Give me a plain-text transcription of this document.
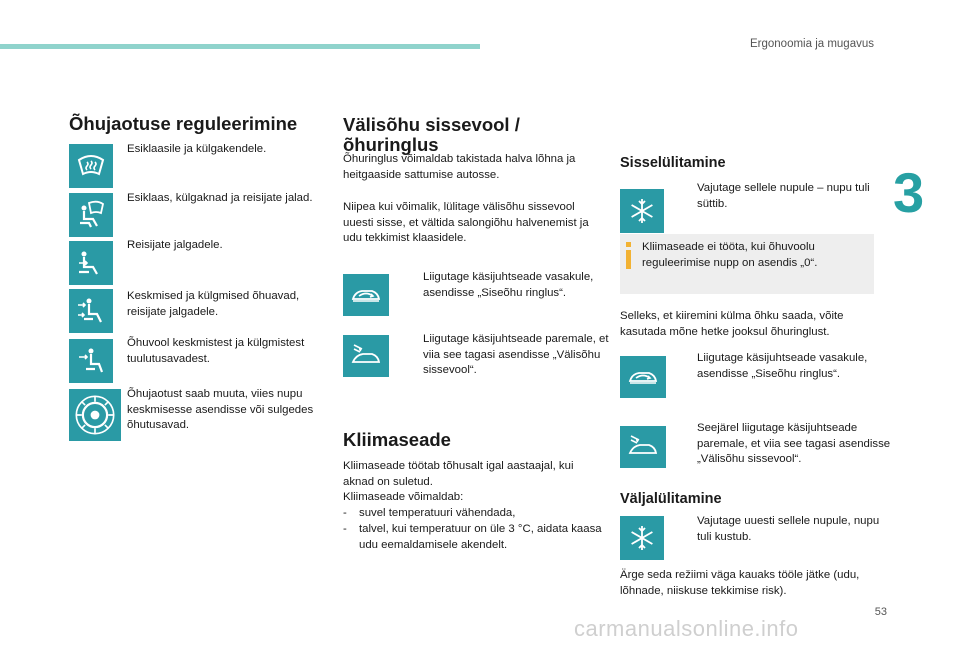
Ergonoomia ja mugavus
3
53
carmanualsonline.info
Õhujaotuse reguleerimine
Esiklaasile ja külgakendele.
Esiklaas, külgaknad ja reisijate jalad.
Reisijate jalgadele.
Keskmised ja külgmised õhuavad, reisijate jalgadele.
Õhuvool keskmistest ja külgmistest tuulutusavadest.
Õhujaotust saab muuta, viies nupu keskmisesse asendisse või sulgedes õhutusavad.
Välisõhu sissevool /
õhuringlus
Õhuringlus võimaldab takistada halva lõhna ja heitgaaside sattumise autosse.
Niipea kui võimalik, lülitage välisõhu sissevool uuesti sisse, et vältida salongiõhu halvenemist ja udu tekkimist klaasidele.
Liigutage käsijuhtseade vasakule, asendisse „Siseõhu ringlus“.
Liigutage käsijuhtseade paremale, et viia see tagasi asendisse „Välisõhu sissevool“.
Kliimaseade
Kliimaseade töötab tõhusalt igal aastaajal, kui aknad on suletud.
Kliimaseade võimaldab:
- suvel temperatuuri vähendada,
- talvel, kui temperatuur on üle 3 °C, aidata kaasa udu eemaldamisele akendelt.
Sisselülitamine
Vajutage sellele nupule – nupu tuli süttib.
Kliimaseade ei tööta, kui õhuvoolu reguleerimise nupp on asendis „0“.
Selleks, et kiiremini külma õhku saada, võite kasutada mõne hetke jooksul õhuringlust.
Liigutage käsijuhtseade vasakule, asendisse „Siseõhu ringlus“.
Seejärel liigutage käsijuhtseade paremale, et viia see tagasi asendisse „Välisõhu sissevool“.
Väljalülitamine
Vajutage uuesti sellele nupule, nupu tuli kustub.
Ärge seda režiimi väga kauaks tööle jätke (udu, lõhnade, niiskuse tekkimise risk).
